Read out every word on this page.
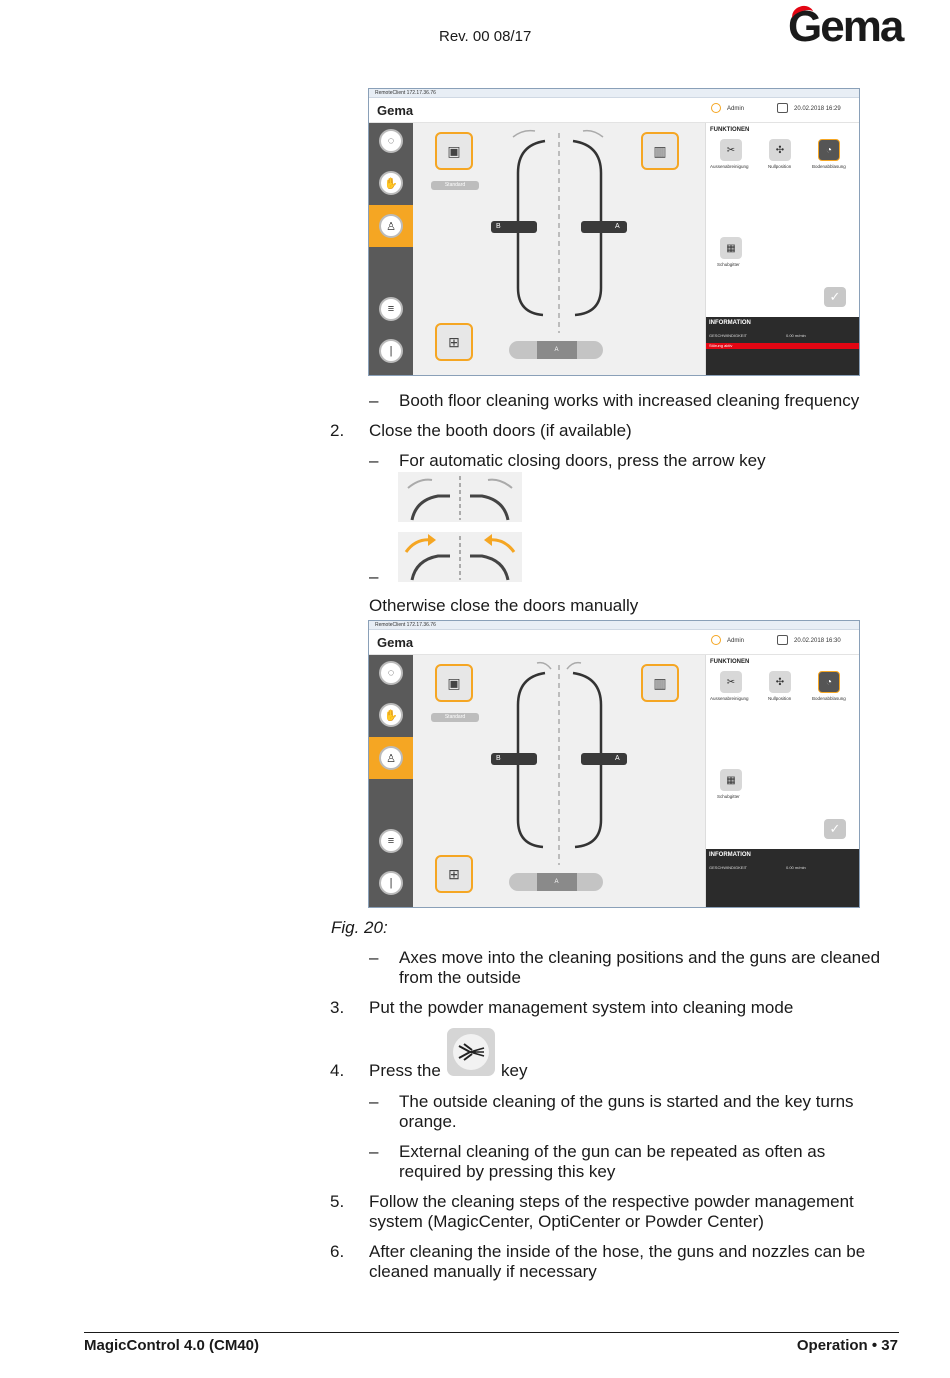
Rev. 00 08/17	Gema
RemoteClient 172.17.36.76
Gema	Admin	20.02.2018 16:29
◌
✋
♙
≡
|
▣
Standard
▥
⊞
B	A
A
FUNKTIONEN
✂
Aussenabreinigung
✣
Nullposition
◔
Bodenabblasung
▦
Schubgitter
✓
INFORMATION
GESCHWINDIGKEIT	0.00 m/min
Störung aktiv
– Booth floor cleaning works with increased cleaning frequency
2. Close the booth doors (if available)
– For automatic closing doors, press the arrow key
–
Otherwise close the doors manually
RemoteClient 172.17.36.76
Gema	Admin	20.02.2018 16:30
◌
✋
♙
≡
|
▣
Standard
▥
⊞
B	A
A
FUNKTIONEN
✂
Aussenabreinigung
✣
Nullposition
◔
Bodenabblasung
▦
Schubgitter
✓
INFORMATION
GESCHWINDIGKEIT	0.00 m/min
Fig. 20:
– Axes move into the cleaning positions and the guns are cleaned from the outside
3. Put the powder management system into cleaning mode
4. Press the	key
– The outside cleaning of the guns is started and the key turns orange.
– External cleaning of the gun can be repeated as often as required by pressing this key
5. Follow the cleaning steps of the respective powder management system (MagicCenter, OptiCenter or Powder Center)
6. After cleaning the inside of the hose, the guns and nozzles can be cleaned manually if necessary
MagicControl 4.0 (CM40)	Operation • 37
